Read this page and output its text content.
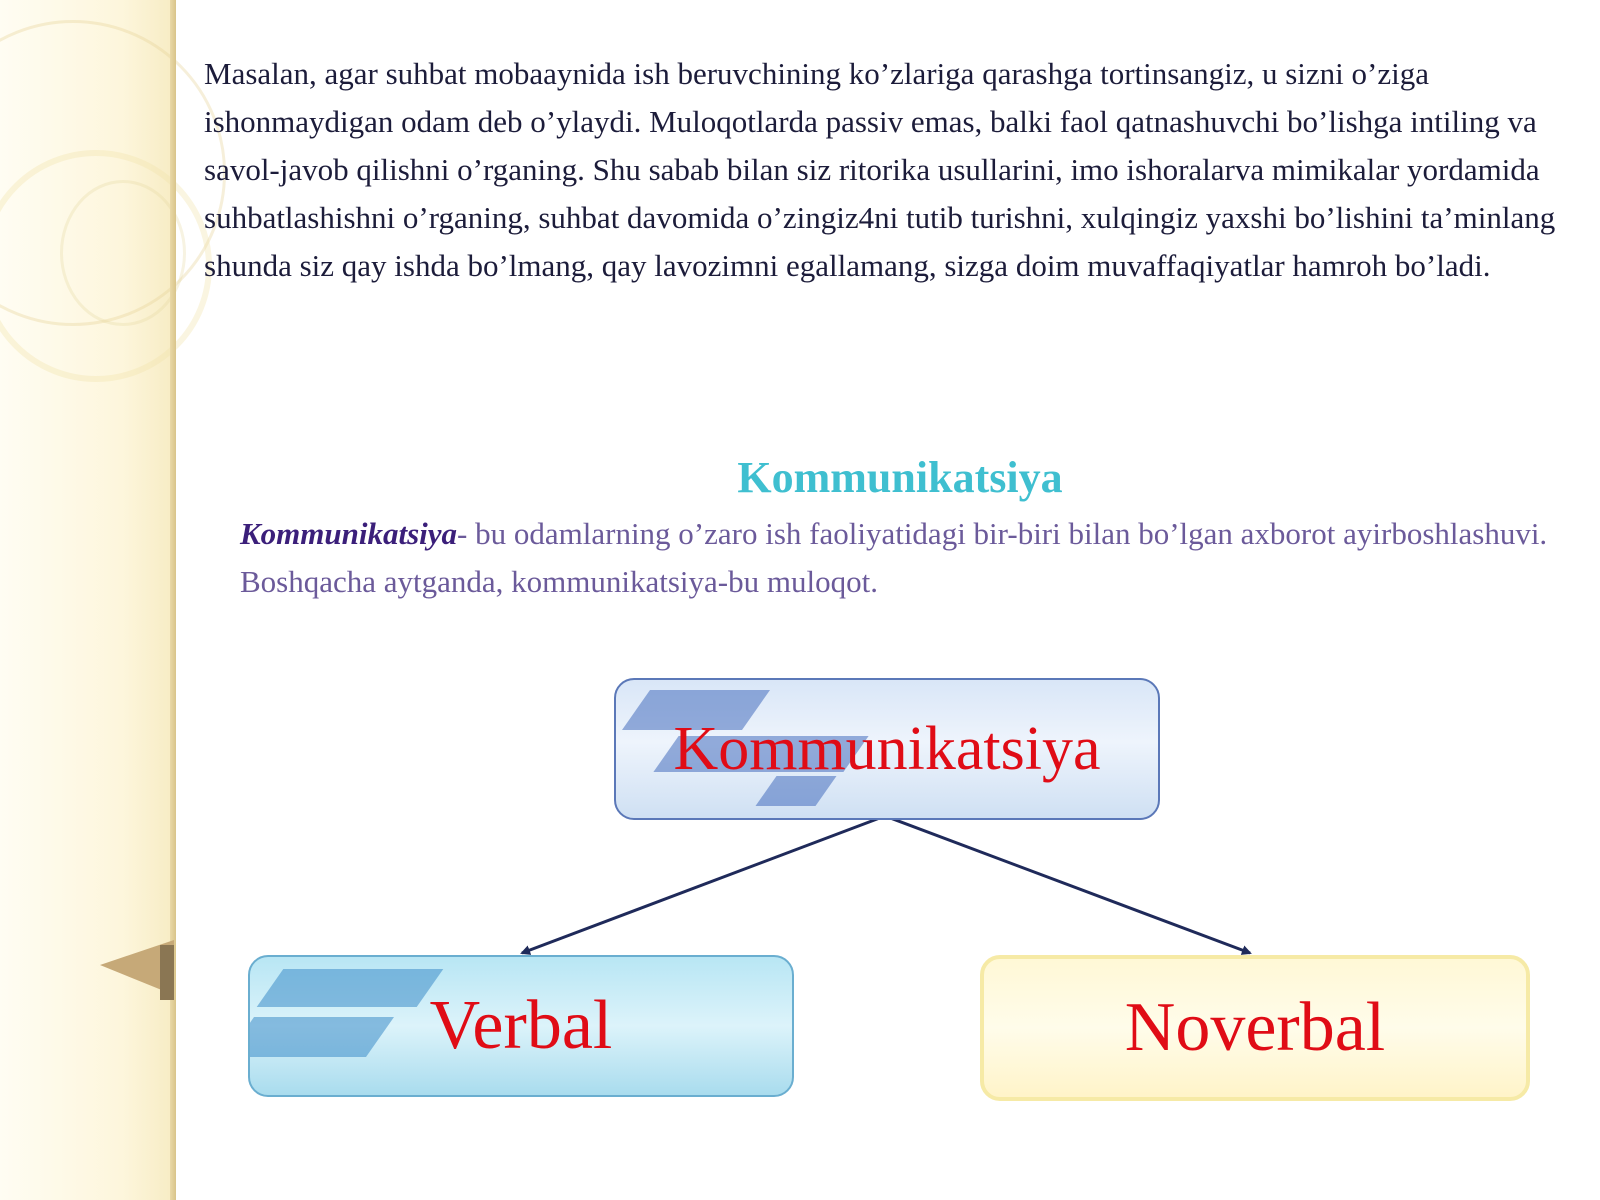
Masalan, agar suhbat mobaaynida ish beruvchining ko’zlariga qarashga tortinsangiz, u sizni o’ziga ishonmaydigan odam deb o’ylaydi. Muloqotlarda passiv emas, balki faol qatnashuvchi bo’lishga intiling va savol-javob qilishni o’rganing. Shu sabab bilan siz ritorika usullarini, imo ishoralarva mimikalar yordamida suhbatlashishni o’rganing, suhbat davomida o’zingiz4ni tutib turishni, xulqingiz yaxshi bo’lishini ta’minlang shunda siz qay ishda bo’lmang, qay lavozimni egallamang, sizga doim muvaffaqiyatlar hamroh bo’ladi.

Kommunikatsiya

Kommunikatsiya- bu odamlarning o’zaro ish faoliyatidagi bir-biri bilan bo’lgan axborot ayirboshlashuvi. Boshqacha aytganda, kommunikatsiya-bu muloqot.

Kommunikatsiya
Verbal	Noverbal
